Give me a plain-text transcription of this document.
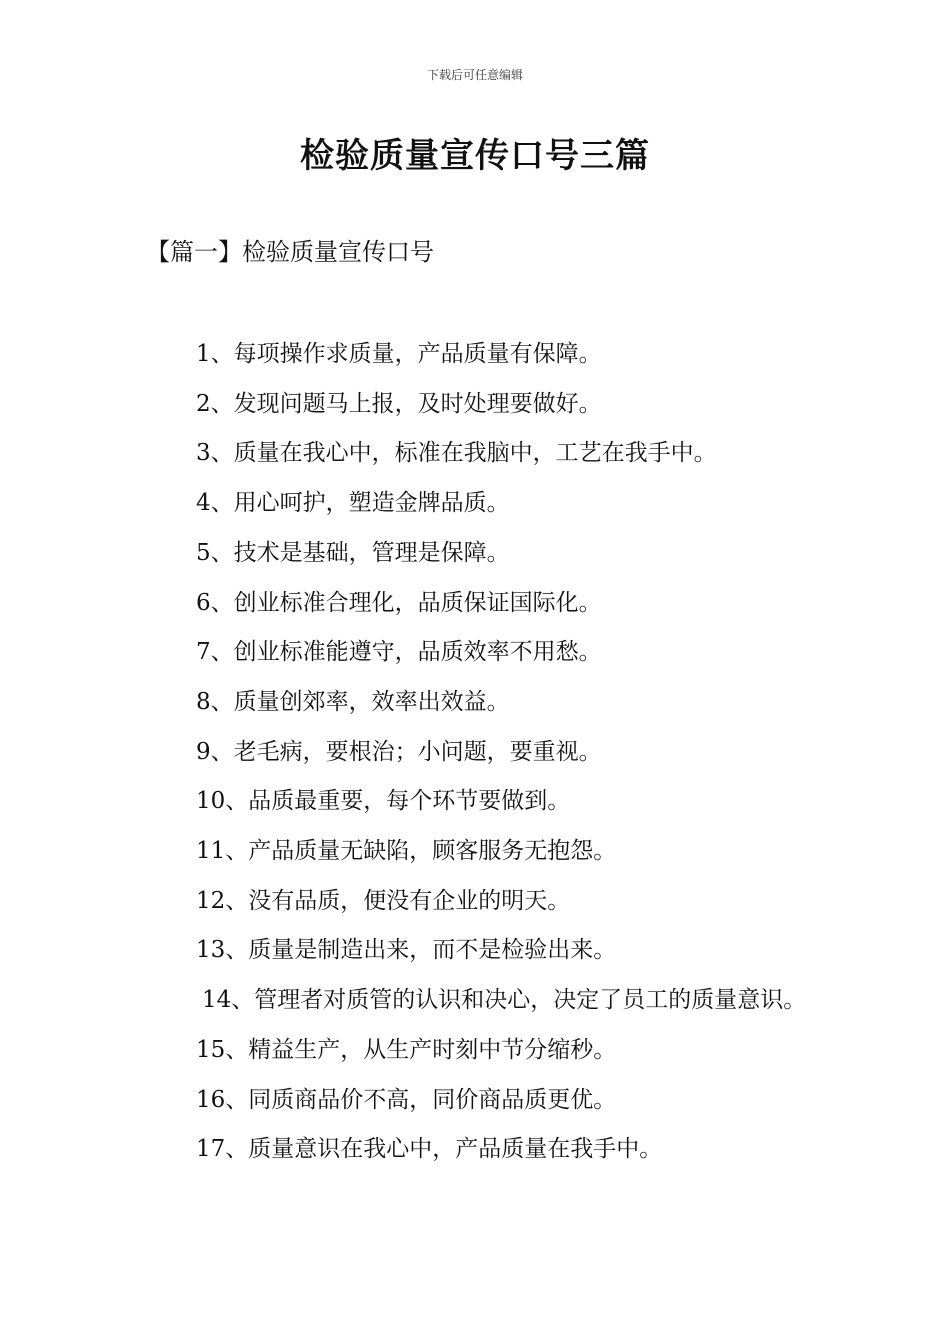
下载后可任意编辑
检验质量宣传口号三篇
【篇一】检验质量宣传口号
1、每项操作求质量，产品质量有保障。
2、发现问题马上报，及时处理要做好。
3、质量在我心中，标准在我脑中，工艺在我手中。
4、用心呵护，塑造金牌品质。
5、技术是基础，管理是保障。
6、创业标准合理化，品质保证国际化。
7、创业标准能遵守，品质效率不用愁。
8、质量创郊率，效率出效益。
9、老毛病，要根治；小问题，要重视。
10、品质最重要，每个环节要做到。
11、产品质量无缺陷，顾客服务无抱怨。
12、没有品质，便没有企业的明天。
13、质量是制造出来，而不是检验出来。
14、管理者对质管的认识和决心，决定了员工的质量意识。
15、精益生产，从生产时刻中节分缩秒。
16、同质商品价不高，同价商品质更优。
17、质量意识在我心中，产品质量在我手中。
